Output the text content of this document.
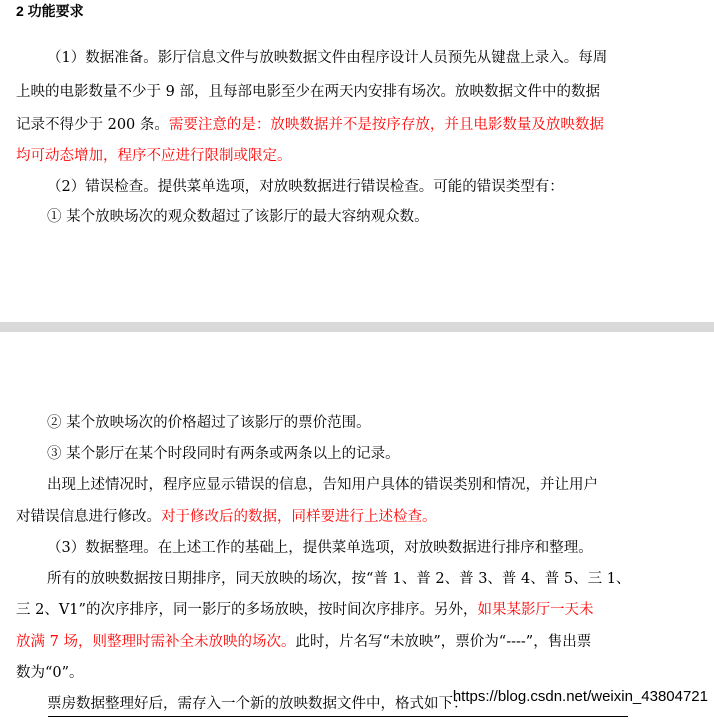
2 功能要求
（1）数据准备。影厅信息文件与放映数据文件由程序设计人员预先从键盘上录入。每周
上映的电影数量不少于 9 部，且每部电影至少在两天内安排有场次。放映数据文件中的数据
记录不得少于 200 条。需要注意的是：放映数据并不是按序存放，并且电影数量及放映数据
均可动态增加，程序不应进行限制或限定。
（2）错误检查。提供菜单选项，对放映数据进行错误检查。可能的错误类型有：
① 某个放映场次的观众数超过了该影厅的最大容纳观众数。
② 某个放映场次的价格超过了该影厅的票价范围。
③ 某个影厅在某个时段同时有两条或两条以上的记录。
出现上述情况时，程序应显示错误的信息，告知用户具体的错误类别和情况，并让用户
对错误信息进行修改。对于修改后的数据，同样要进行上述检查。
（3）数据整理。在上述工作的基础上，提供菜单选项，对放映数据进行排序和整理。
所有的放映数据按日期排序，同天放映的场次，按“普 1、普 2、普 3、普 4、普 5、三 1、
三 2、V1”的次序排序，同一影厅的多场放映，按时间次序排序。另外，如果某影厅一天未
放满 7 场，则整理时需补全未放映的场次。此时，片名写“未放映”，票价为“----”，售出票
数为“0”。
票房数据整理好后，需存入一个新的放映数据文件中，格式如下：
https://blog.csdn.net/weixin_43804721
